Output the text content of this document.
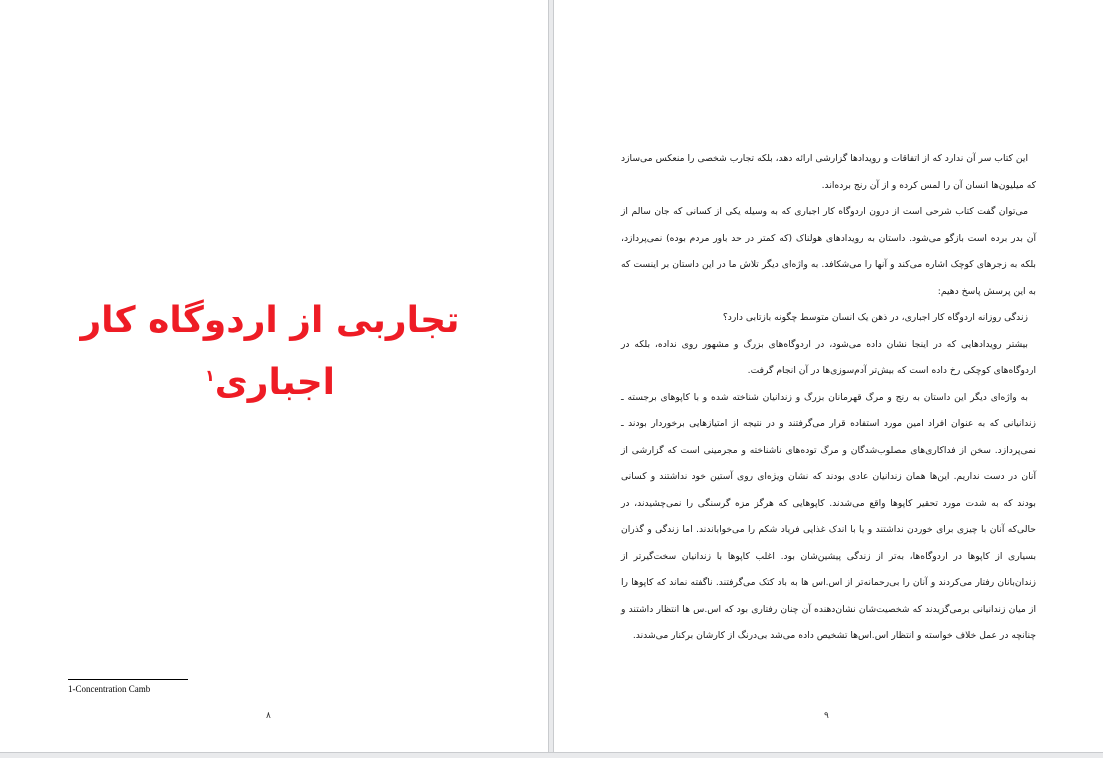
تجاربی از اردوگاه کار اجباری$^۱$
1-Concentration Camb
۸

این کتاب سر آن ندارد که از اتفاقات و رویدادها گزارشی ارائه دهد، بلکه تجارب شخصی را منعکس می‌سازد که میلیون‌ها انسان آن را لمس کرده و از آن رنج برده‌اند.

می‌توان گفت کتاب شرحی است از درون اردوگاه کار اجباری که به وسیله یکی از کسانی که جان سالم از آن بدر برده است بازگو می‌شود. داستان به رویدادهای هولناک (که کمتر در حد باور مردم بوده) نمی‌پردازد، بلکه به زجرهای کوچک اشاره می‌کند و آنها را می‌شکافد. به واژه‌ای دیگر تلاش ما در این داستان بر اینست که به این پرسش پاسخ دهیم:

زندگی روزانه اردوگاه کار اجباری، در ذهن یک انسان متوسط چگونه بازتابی دارد؟

بیشتر رویدادهایی که در اینجا نشان داده می‌شود، در اردوگاه‌های بزرگ و مشهور روی نداده، بلکه در اردوگاه‌های کوچکی رخ داده است که بیش‌تر آدم‌سوزی‌ها در آن انجام گرفت.

به واژه‌ای دیگر این داستان به رنج و مرگ قهرمانان بزرگ و زندانیان شناخته شده و با کاپوهای برجسته ـ زندانیانی که به عنوان افراد امین مورد استفاده قرار می‌گرفتند و در نتیجه از امتیازهایی برخوردار بودند ـ نمی‌پردازد. سخن از فداکاری‌های مصلوب‌شدگان و مرگ توده‌های ناشناخته و مجرمینی است که گزارشی از آنان در دست نداریم. این‌ها همان زندانیان عادی بودند که نشان ویژه‌ای روی آستین خود نداشتند و کسانی بودند که به شدت مورد تحقیر کاپوها واقع می‌شدند. کاپوهایی که هرگز مزه گرسنگی را نمی‌چشیدند، در حالی‌که آنان با چیزی برای خوردن نداشتند و یا با اندک غذایی فریاد شکم را می‌خواباندند. اما زندگی و گذران بسیاری از کاپوها در اردوگاه‌ها، به‌تر از زندگی پیشین‌شان بود. اغلب کاپوها با زندانیان سخت‌گیرتر از زندان‌بانان رفتار می‌کردند و آنان را بی‌رحمانه‌تر از اس.اس ها به باد کتک می‌گرفتند. ناگفته نماند که کاپوها را از میان زندانیانی برمی‌گزیدند که شخصیت‌شان نشان‌دهنده آن چنان رفتاری بود که اس.س ها انتظار داشتند و چنانچه در عمل خلاف خواسته و انتظار اس.اس‌ها تشخیص داده می‌شد بی‌درنگ از کارشان برکنار می‌شدند.

۹
